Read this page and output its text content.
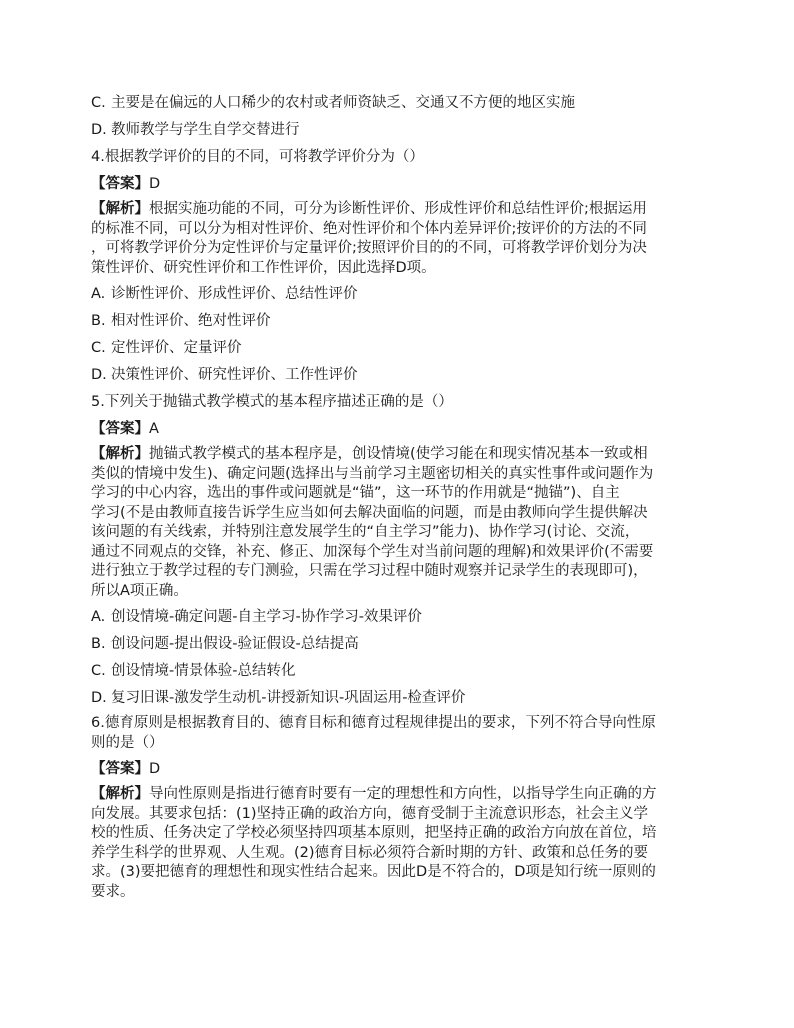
C. 主要是在偏远的人口稀少的农村或者师资缺乏、交通又不方便的地区实施
D. 教师教学与学生自学交替进行
4.根据教学评价的目的不同，可将教学评价分为（）
【答案】D
【解析】根据实施功能的不同，可分为诊断性评价、形成性评价和总结性评价;根据运用
的标准不同，可以分为相对性评价、绝对性评价和个体内差异评价;按评价的方法的不同
，可将教学评价分为定性评价与定量评价;按照评价目的的不同，可将教学评价划分为决
策性评价、研究性评价和工作性评价，因此选择D项。
A. 诊断性评价、形成性评价、总结性评价
B. 相对性评价、绝对性评价
C. 定性评价、定量评价
D. 决策性评价、研究性评价、工作性评价
5.下列关于抛锚式教学模式的基本程序描述正确的是（）
【答案】A
【解析】抛锚式教学模式的基本程序是，创设情境(使学习能在和现实情况基本一致或相
类似的情境中发生)、确定问题(选择出与当前学习主题密切相关的真实性事件或问题作为
学习的中心内容，选出的事件或问题就是“锚”，这一环节的作用就是“抛锚”)、自主
学习(不是由教师直接告诉学生应当如何去解决面临的问题，而是由教师向学生提供解决
该问题的有关线索，并特别注意发展学生的“自主学习”能力)、协作学习(讨论、交流，
通过不同观点的交锋，补充、修正、加深每个学生对当前问题的理解)和效果评价(不需要
进行独立于教学过程的专门测验，只需在学习过程中随时观察并记录学生的表现即可)，
所以A项正确。
A. 创设情境-确定问题-自主学习-协作学习-效果评价
B. 创设问题-提出假设-验证假设-总结提高
C. 创设情境-情景体验-总结转化
D. 复习旧课-激发学生动机-讲授新知识-巩固运用-检查评价
6.德育原则是根据教育目的、德育目标和德育过程规律提出的要求，下列不符合导向性原
则的是（）
【答案】D
【解析】导向性原则是指进行德育时要有一定的理想性和方向性，以指导学生向正确的方
向发展。其要求包括：(1)坚持正确的政治方向，德育受制于主流意识形态，社会主义学
校的性质、任务决定了学校必须坚持四项基本原则，把坚持正确的政治方向放在首位，培
养学生科学的世界观、人生观。(2)德育目标必须符合新时期的方针、政策和总任务的要
求。(3)要把德育的理想性和现实性结合起来。因此D是不符合的，D项是知行统一原则的
要求。
